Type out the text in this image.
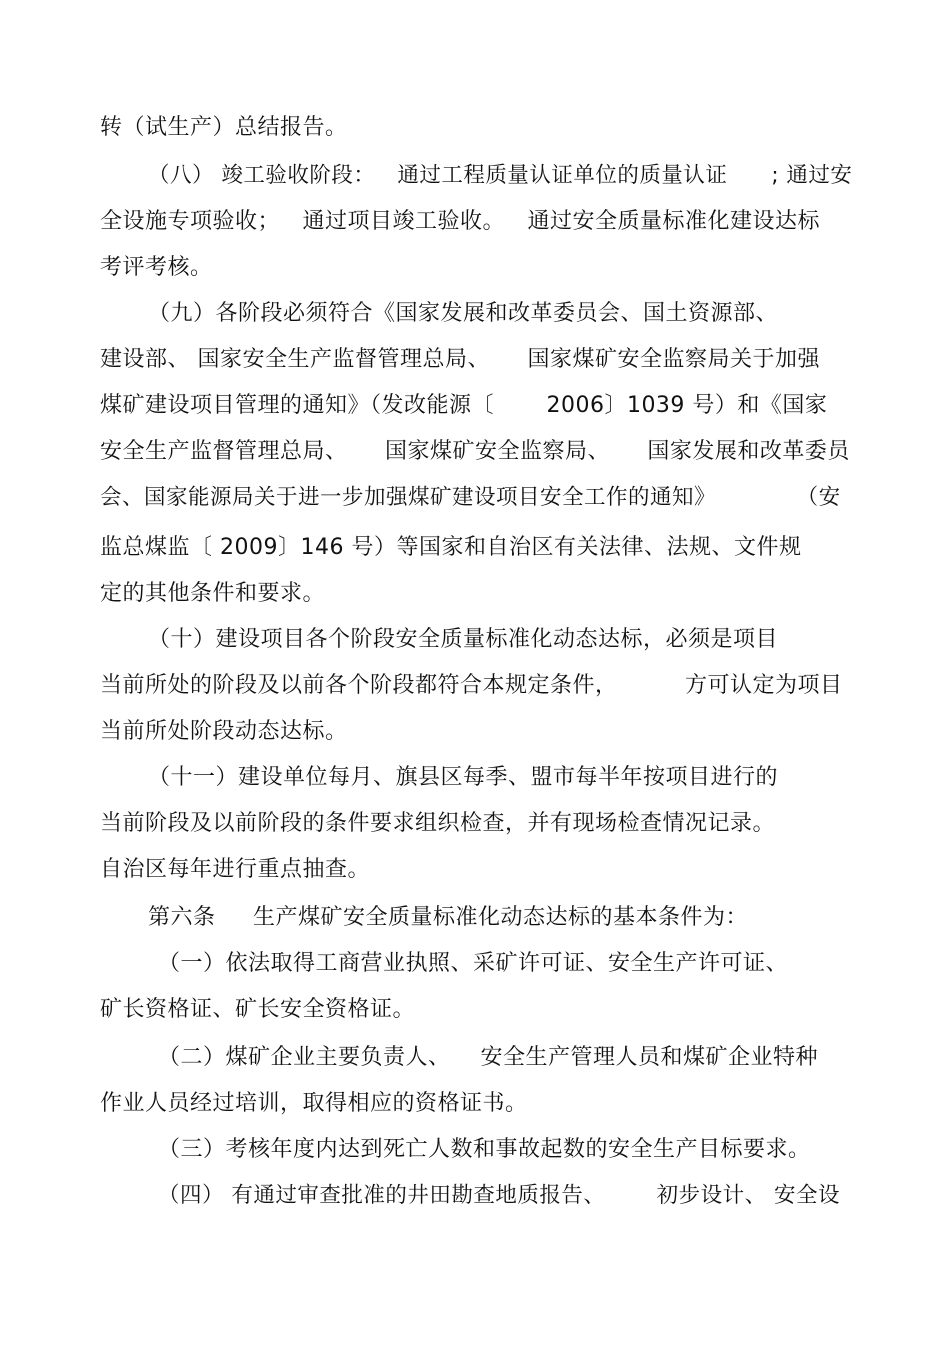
转（试生产）总结报告。
（八） 竣工验收阶段：   通过工程质量认证单位的质量认证      ; 通过安
全设施专项验收；   通过项目竣工验收。   通过安全质量标准化建设达标
考评考核。
（九）各阶段必须符合《国家发展和改革委员会、国土资源部、
建设部、 国家安全生产监督管理总局、     国家煤矿安全监察局关于加强
煤矿建设项目管理的通知》（发改能源〔       2006〕1039 号）和《国家
安全生产监督管理总局、     国家煤矿安全监察局、     国家发展和改革委员
会、国家能源局关于进一步加强煤矿建设项目安全工作的通知》           （安
监总煤监〔 2009〕146 号）等国家和自治区有关法律、法规、文件规
定的其他条件和要求。
（十）建设项目各个阶段安全质量标准化动态达标，必须是项目
当前所处的阶段及以前各个阶段都符合本规定条件，         方可认定为项目
当前所处阶段动态达标。
（十一）建设单位每月、旗县区每季、盟市每半年按项目进行的
当前阶段及以前阶段的条件要求组织检查，并有现场检查情况记录。
自治区每年进行重点抽查。
第六条     生产煤矿安全质量标准化动态达标的基本条件为：
（一）依法取得工商营业执照、采矿许可证、安全生产许可证、
矿长资格证、矿长安全资格证。
（二）煤矿企业主要负责人、    安全生产管理人员和煤矿企业特种
作业人员经过培训，取得相应的资格证书。
（三）考核年度内达到死亡人数和事故起数的安全生产目标要求。
（四） 有通过审查批准的井田勘查地质报告、       初步设计、 安全设
